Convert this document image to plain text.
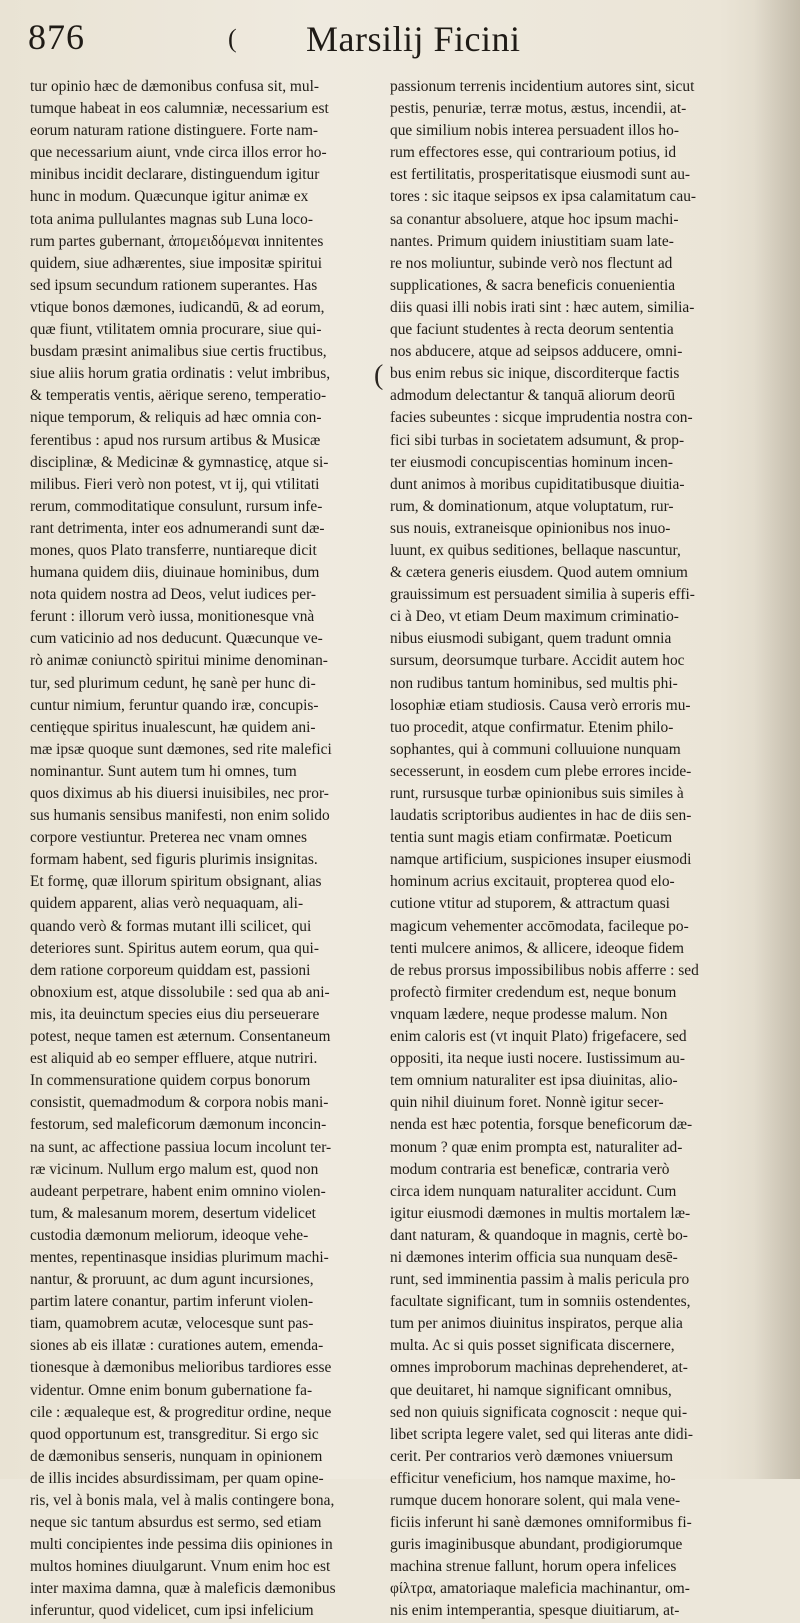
876	( Marsilij Ficini
tur opinio hæc de dæmonibus confusa sit, mul-
tumque habeat in eos calumniæ, necessarium est
eorum naturam ratione distinguere. Forte nam-
que necessarium aiunt, vnde circa illos error ho-
minibus incidit declarare, distinguendum igitur
hunc in modum. Quæcunque igitur animæ ex
tota anima pullulantes magnas sub Luna loco-
rum partes gubernant, ἀπομειδόμεναι innitentes
quidem, siue adhærentes, siue impositæ spiritui
sed ipsum secundum rationem superantes. Has
vtique bonos dæmones, iudicandū, & ad eorum,
quæ fiunt, vtilitatem omnia procurare, siue qui-
busdam præsint animalibus siue certis fructibus,
siue aliis horum gratia ordinatis : velut imbribus,
& temperatis ventis, aërique sereno, temperatio-
nique temporum, & reliquis ad hæc omnia con-
ferentibus : apud nos rursum artibus & Musicæ
disciplinæ, & Medicinæ & gymnasticę, atque si-
milibus. Fieri verò non potest, vt ij, qui vtilitati
rerum, commoditatique consulunt, rursum infe-
rant detrimenta, inter eos adnumerandi sunt dæ-
mones, quos Plato transferre, nuntiareque dicit
humana quidem diis, diuinaue hominibus, dum
nota quidem nostra ad Deos, velut iudices per-
ferunt : illorum verò iussa, monitionesque vnà
cum vaticinio ad nos deducunt. Quæcunque ve-
rò animæ coniunctò spiritui minime denominan-
tur, sed plurimum cedunt, hę sanè per hunc di-
cuntur nimium, feruntur quando iræ, concupis-
centięque spiritus inualescunt, hæ quidem ani-
mæ ipsæ quoque sunt dæmones, sed rite malefici
nominantur. Sunt autem tum hi omnes, tum
quos diximus ab his diuersi inuisibiles, nec pror-
sus humanis sensibus manifesti, non enim solido
corpore vestiuntur. Preterea nec vnam omnes
formam habent, sed figuris plurimis insignitas.
Et formę, quæ illorum spiritum obsignant, alias
quidem apparent, alias verò nequaquam, ali-
quando verò & formas mutant illi scilicet, qui
deteriores sunt. Spiritus autem eorum, qua qui-
dem ratione corporeum quiddam est, passioni
obnoxium est, atque dissolubile : sed qua ab ani-
mis, ita deuinctum species eius diu perseuerare
potest, neque tamen est æternum. Consentaneum
est aliquid ab eo semper effluere, atque nutriri.
In commensuratione quidem corpus bonorum
consistit, quemadmodum & corpora nobis mani-
festorum, sed maleficorum dæmonum inconcin-
na sunt, ac affectione passiua locum incolunt ter-
ræ vicinum. Nullum ergo malum est, quod non
audeant perpetrare, habent enim omnino violen-
tum, & malesanum morem, desertum videlicet
custodia dæmonum meliorum, ideoque vehe-
mentes, repentinasque insidias plurimum machi-
nantur, & proruunt, ac dum agunt incursiones,
partim latere conantur, partim inferunt violen-
tiam, quamobrem acutæ, velocesque sunt pas-
siones ab eis illatæ : curationes autem, emenda-
tionesque à dæmonibus melioribus tardiores esse
videntur. Omne enim bonum gubernatione fa-
cile : æqualeque est, & progreditur ordine, neque
quod opportunum est, transgreditur. Si ergo sic
de dæmonibus senseris, nunquam in opinionem
de illis incides absurdissimam, per quam opine-
ris, vel à bonis mala, vel à malis contingere bona,
neque sic tantum absurdus est sermo, sed etiam
multi concipientes inde pessima diis opiniones in
multos homines diuulgarunt. Vnum enim hoc est
inter maxima damna, quæ à maleficis dæmonibus
inferuntur, quod videlicet, cum ipsi infelicium
passionum terrenis incidentium autores sint, sicut
pestis, penuriæ, terræ motus, æstus, incendii, at-
que similium nobis interea persuadent illos ho-
rum effectores esse, qui contrarioum potius, id
est fertilitatis, prosperitatisque eiusmodi sunt au-
tores : sic itaque seipsos ex ipsa calamitatum cau-
sa conantur absoluere, atque hoc ipsum machi-
nantes. Primum quidem iniustitiam suam late-
re nos moliuntur, subinde verò nos flectunt ad
supplicationes, & sacra beneficis conuenientia
diis quasi illi nobis irati sint : hæc autem, similia-
que faciunt studentes à recta deorum sententia
nos abducere, atque ad seipsos adducere, omni-
bus enim rebus sic inique, discorditerque factis
admodum delectantur & tanquā aliorum deorū
facies subeuntes : sicque imprudentia nostra con-
fici sibi turbas in societatem adsumunt, & prop-
ter eiusmodi concupiscentias hominum incen-
dunt animos à moribus cupiditatibusque diuitia-
rum, & dominationum, atque voluptatum, rur-
sus nouis, extraneisque opinionibus nos inuo-
luunt, ex quibus seditiones, bellaque nascuntur,
& cætera generis eiusdem. Quod autem omnium
grauissimum est persuadent similia à superis effi-
ci à Deo, vt etiam Deum maximum criminatio-
nibus eiusmodi subigant, quem tradunt omnia
sursum, deorsumque turbare. Accidit autem hoc
non rudibus tantum hominibus, sed multis phi-
losophiæ etiam studiosis. Causa verò erroris mu-
tuo procedit, atque confirmatur. Etenim philo-
sophantes, qui à communi colluuione nunquam
secesserunt, in eosdem cum plebe errores incide-
runt, rursusque turbæ opinionibus suis similes à
laudatis scriptoribus audientes in hac de diis sen-
tentia sunt magis etiam confirmatæ. Poeticum
namque artificium, suspiciones insuper eiusmodi
hominum acrius excitauit, propterea quod elo-
cutione vtitur ad stuporem, & attractum quasi
magicum vehementer accōmodata, facileque po-
tenti mulcere animos, & allicere, ideoque fidem
de rebus prorsus impossibilibus nobis afferre : sed
profectò firmiter credendum est, neque bonum
vnquam lædere, neque prodesse malum. Non
enim caloris est (vt inquit Plato) frigefacere, sed
oppositi, ita neque iusti nocere. Iustissimum au-
tem omnium naturaliter est ipsa diuinitas, alio-
quin nihil diuinum foret. Nonnè igitur secer-
nenda est hæc potentia, forsque beneficorum dæ-
monum ? quæ enim prompta est, naturaliter ad-
modum contraria est beneficæ, contraria verò
circa idem nunquam naturaliter accidunt. Cum
igitur eiusmodi dæmones in multis mortalem læ-
dant naturam, & quandoque in magnis, certè bo-
ni dæmones interim officia sua nunquam desē-
runt, sed imminentia passim à malis pericula pro
facultate significant, tum in somniis ostendentes,
tum per animos diuinitus inspiratos, perque alia
multa. Ac si quis posset significata discernere,
omnes improborum machinas deprehenderet, at-
que deuitaret, hi namque significant omnibus,
sed non quiuis significata cognoscit : neque qui-
libet scripta legere valet, sed qui literas ante didi-
cerit. Per contrarios verò dæmones vniuersum
efficitur veneficium, hos namque maxime, ho-
rumque ducem honorare solent, qui mala vene-
ficiis inferunt hi sanè dæmones omniformibus fi-
guris imaginibusque abundant, prodigiorumque
machina strenue fallunt, horum opera infelices
φίλτρα, amatoriaque maleficia machinantur, om-
nis enim intemperantia, spesque diuitiarum, at-
(
